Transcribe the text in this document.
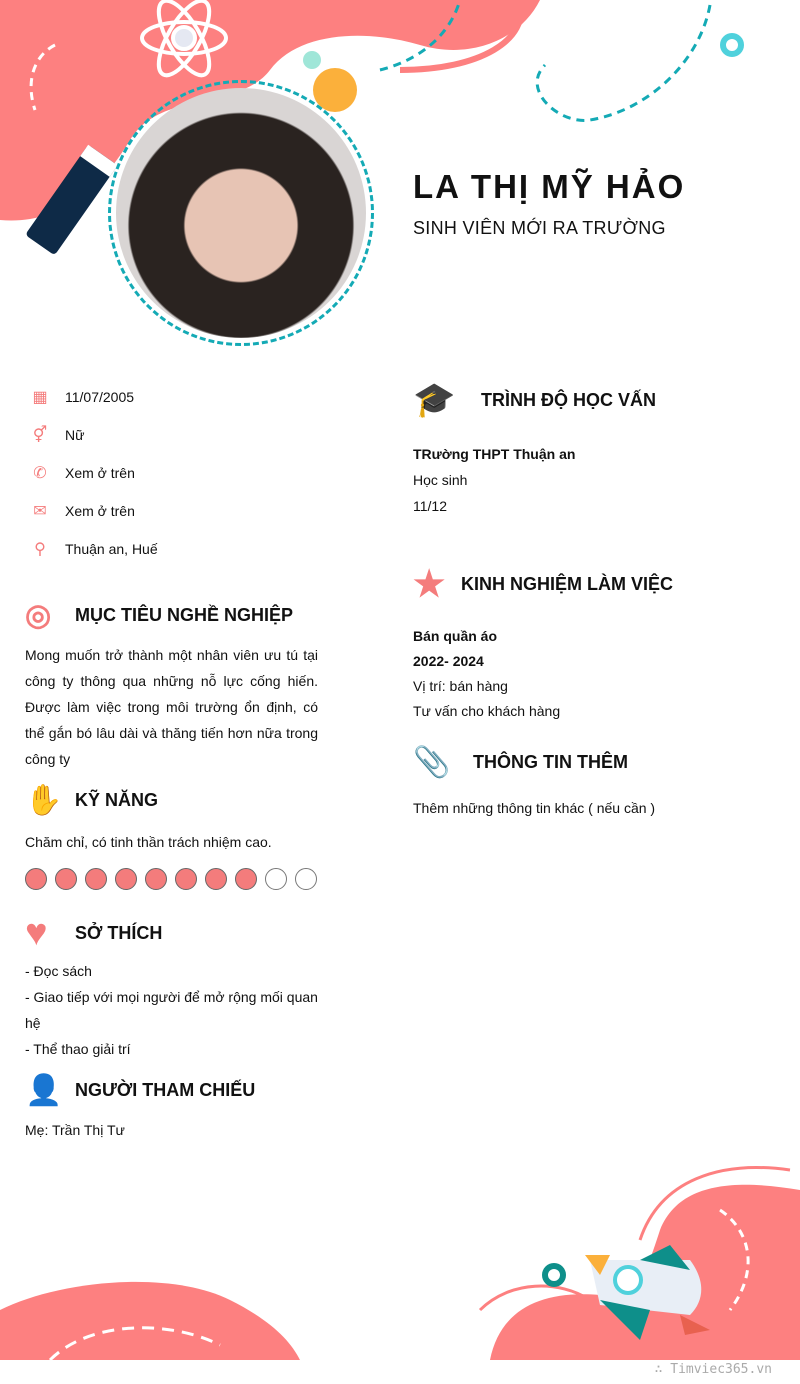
LA THỊ MỸ HẢO
SINH VIÊN MỚI RA TRƯỜNG
▦ 11/07/2005
⚥ Nữ
✆ Xem ở trên
✉ Xem ở trên
⚲ Thuận an, Huế
◎	MỤC TIÊU NGHỀ NGHIỆP
Mong muốn trở thành một nhân viên ưu tú tại công ty thông qua những nỗ lực cống hiến. Được làm việc trong môi trường ổn định, có thể gắn bó lâu dài và thăng tiến hơn nữa trong công ty
✋ KỸ NĂNG
Chăm chỉ, có tinh thần trách nhiệm cao.
♥	SỞ THÍCH
- Đọc sách
- Giao tiếp với mọi người để mở rộng mối quan hệ
- Thể thao giải trí
👤 NGƯỜI THAM CHIẾU
Mẹ: Trần Thị Tư
🎓	TRÌNH ĐỘ HỌC VẤN
TRường THPT Thuận an
Học sinh
11/12
★ KINH NGHIỆM LÀM VIỆC
Bán quần áo
2022- 2024
Vị trí: bán hàng
Tư vấn cho khách hàng
📎	THÔNG TIN THÊM
Thêm những thông tin khác ( nếu cần )
∴ Timviec365.vn
